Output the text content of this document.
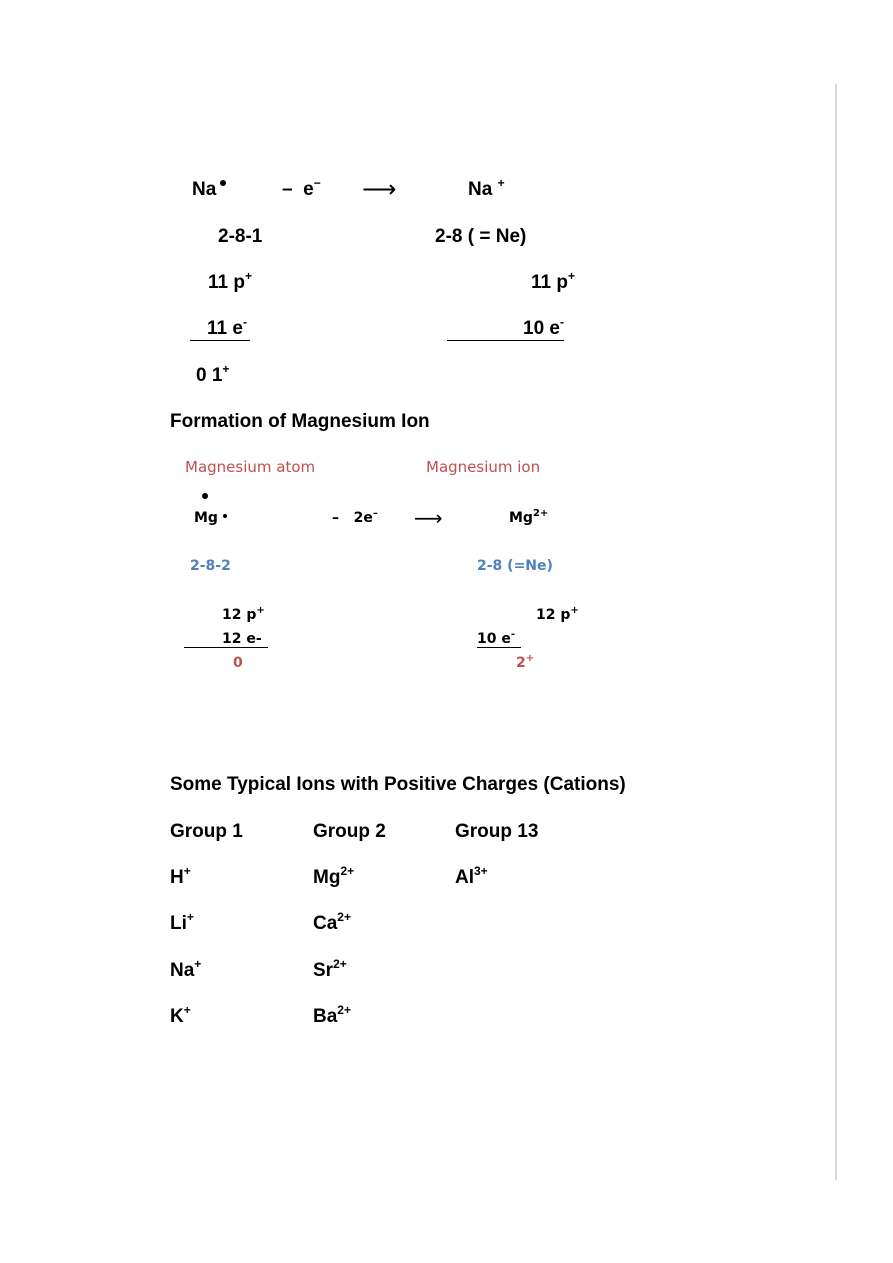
Na	– e− ⟶	Na +
2-8-1	2-8 ( = Ne)
11 p+	11 p+
11 e-	10 e-
0 1+
Formation of Magnesium Ion
Magnesium atom	Magnesium ion
Mg	– 2e– ⟶	$Mg^{2+}$
2-8-2	2-8 (=Ne)
12 p+	12 p+
12 e-	10 e-
0	2+
Some Typical Ions with Positive Charges (Cations)
Group 1	Group 2	Group 13
H+	$Mg^{2+}$	$Al^{3+}$
Li+	$Ca^{2+}$
Na+	$Sr^{2+}$
K+	$Ba^{2+}$
